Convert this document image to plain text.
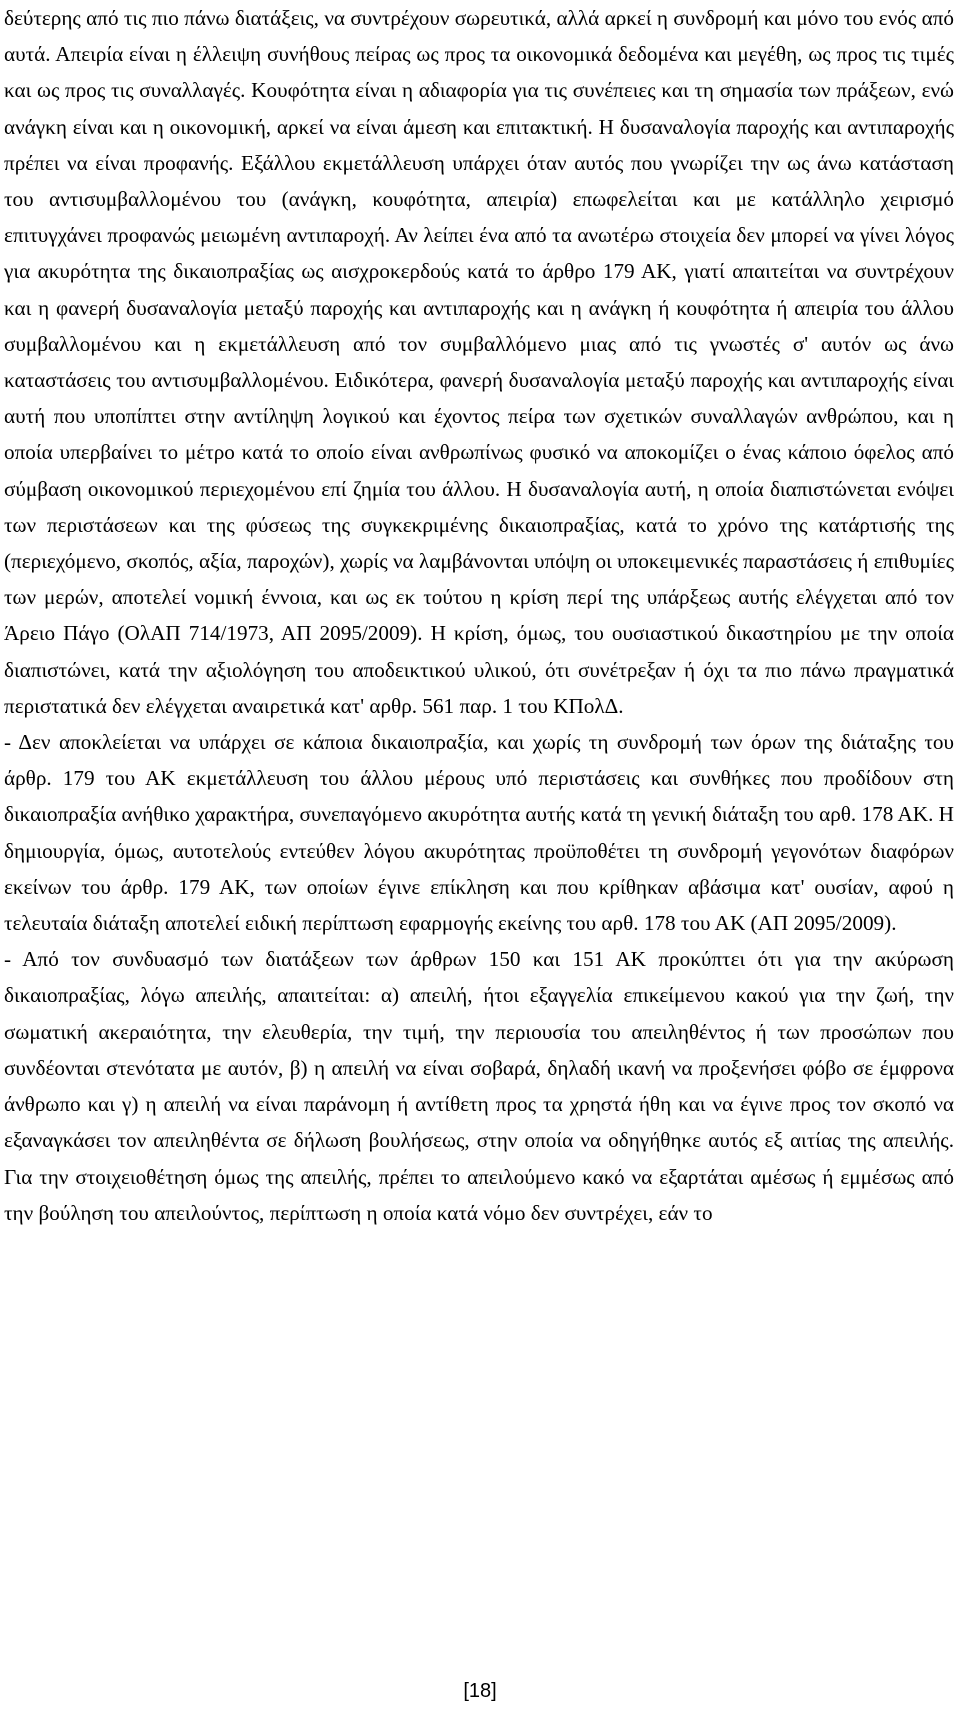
δεύτερης από τις πιο πάνω διατάξεις, να συντρέχουν σωρευτικά, αλλά αρκεί η συνδρομή και μόνο του ενός από αυτά. Απειρία είναι η έλλειψη συνήθους πείρας ως προς τα οικονομικά δεδομένα και μεγέθη, ως προς τις τιμές και ως προς τις συναλλαγές. Κουφότητα είναι η αδιαφορία για τις συνέπειες και τη σημασία των πράξεων, ενώ ανάγκη είναι και η οικονομική, αρκεί να είναι άμεση και επιτακτική. Η δυσαναλογία παροχής και αντιπαροχής πρέπει να είναι προφανής. Εξάλλου εκμετάλλευση υπάρχει όταν αυτός που γνωρίζει την ως άνω κατάσταση του αντισυμβαλλομένου του (ανάγκη, κουφότητα, απειρία) επωφελείται και με κατάλληλο χειρισμό επιτυγχάνει προφανώς μειωμένη αντιπαροχή. Αν λείπει ένα από τα ανωτέρω στοιχεία δεν μπορεί να γίνει λόγος για ακυρότητα της δικαιοπραξίας ως αισχροκερδούς κατά το άρθρο 179 ΑΚ, γιατί απαιτείται να συντρέχουν και η φανερή δυσαναλογία μεταξύ παροχής και αντιπαροχής και η ανάγκη ή κουφότητα ή απειρία του άλλου συμβαλλομένου και η εκμετάλλευση από τον συμβαλλόμενο μιας από τις γνωστές σ' αυτόν ως άνω καταστάσεις του αντισυμβαλλομένου. Ειδικότερα, φανερή δυσαναλογία μεταξύ παροχής και αντιπαροχής είναι αυτή που υποπίπτει στην αντίληψη λογικού και έχοντος πείρα των σχετικών συναλλαγών ανθρώπου, και η οποία υπερβαίνει το μέτρο κατά το οποίο είναι ανθρωπίνως φυσικό να αποκομίζει ο ένας κάποιο όφελος από σύμβαση οικονομικού περιεχομένου επί ζημία του άλλου. Η δυσαναλογία αυτή, η οποία διαπιστώνεται ενόψει των περιστάσεων και της φύσεως της συγκεκριμένης δικαιοπραξίας, κατά το χρόνο της κατάρτισής της (περιεχόμενο, σκοπός, αξία, παροχών), χωρίς να λαμβάνονται υπόψη οι υποκειμενικές παραστάσεις ή επιθυμίες των μερών, αποτελεί νομική έννοια, και ως εκ τούτου η κρίση περί της υπάρξεως αυτής ελέγχεται από τον Άρειο Πάγο (ΟλΑΠ 714/1973, ΑΠ 2095/2009). Η κρίση, όμως, του ουσιαστικού δικαστηρίου με την οποία διαπιστώνει, κατά την αξιολόγηση του αποδεικτικού υλικού, ότι συνέτρεξαν ή όχι τα πιο πάνω πραγματικά περιστατικά δεν ελέγχεται αναιρετικά κατ' αρθρ. 561 παρ. 1 του ΚΠολΔ.

- Δεν αποκλείεται να υπάρχει σε κάποια δικαιοπραξία, και χωρίς τη συνδρομή των όρων της διάταξης του άρθρ. 179 του ΑΚ εκμετάλλευση του άλλου μέρους υπό περιστάσεις και συνθήκες που προδίδουν στη δικαιοπραξία ανήθικο χαρακτήρα, συνεπαγόμενο ακυρότητα αυτής κατά τη γενική διάταξη του αρθ. 178 ΑΚ. Η δημιουργία, όμως, αυτοτελούς εντεύθεν λόγου ακυρότητας προϋποθέτει τη συνδρομή γεγονότων διαφόρων εκείνων του άρθρ. 179 ΑΚ, των οποίων έγινε επίκληση και που κρίθηκαν αβάσιμα κατ' ουσίαν, αφού η τελευταία διάταξη αποτελεί ειδική περίπτωση εφαρμογής εκείνης του αρθ. 178 του ΑΚ (ΑΠ 2095/2009).

- Από τον συνδυασμό των διατάξεων των άρθρων 150 και 151 ΑΚ προκύπτει ότι για την ακύρωση δικαιοπραξίας, λόγω απειλής, απαιτείται: α) απειλή, ήτοι εξαγγελία επικείμενου κακού για την ζωή, την σωματική ακεραιότητα, την ελευθερία, την τιμή, την περιουσία του απειληθέντος ή των προσώπων που συνδέονται στενότατα με αυτόν, β) η απειλή να είναι σοβαρά, δηλαδή ικανή να προξενήσει φόβο σε έμφρονα άνθρωπο και γ) η απειλή να είναι παράνομη ή αντίθετη προς τα χρηστά ήθη και να έγινε προς τον σκοπό να εξαναγκάσει τον απειληθέντα σε δήλωση βουλήσεως, στην οποία να οδηγήθηκε αυτός εξ αιτίας της απειλής. Για την στοιχειοθέτηση όμως της απειλής, πρέπει το απειλούμενο κακό να εξαρτάται αμέσως ή εμμέσως από την βούληση του απειλούντος, περίπτωση η οποία κατά νόμο δεν συντρέχει, εάν το

[18]
